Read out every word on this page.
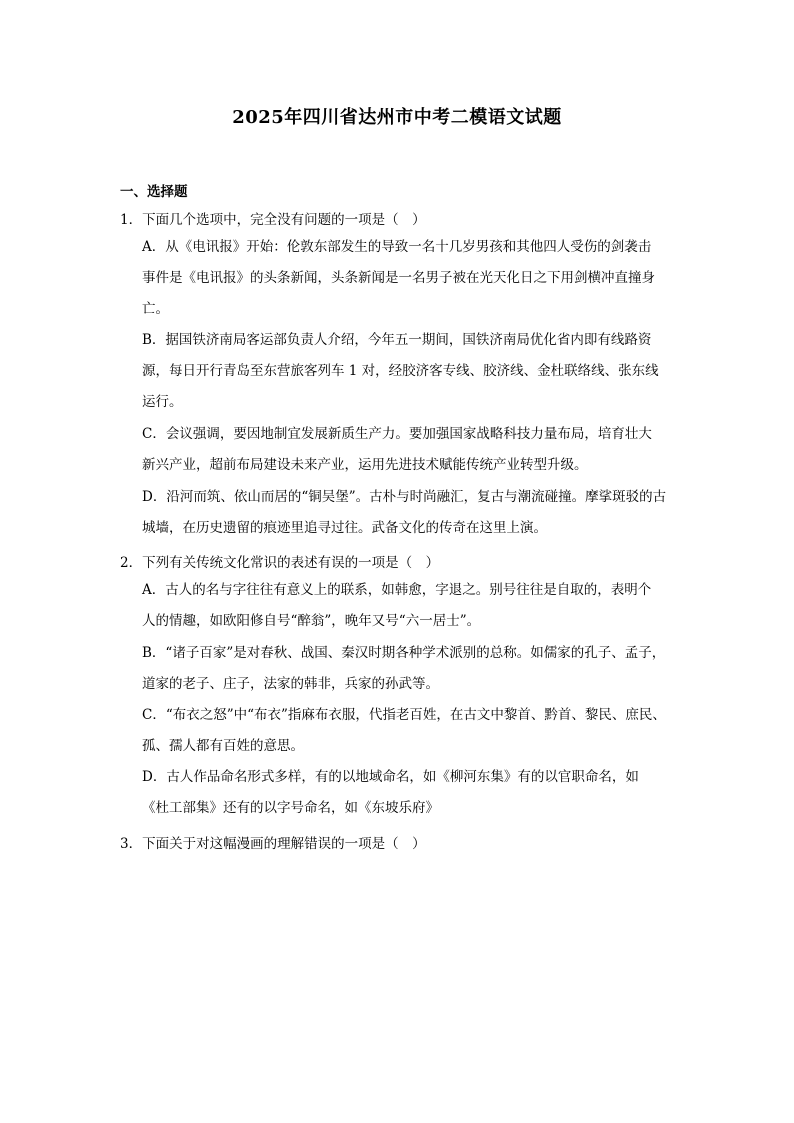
2025年四川省达州市中考二模语文试题
一、选择题
1．下面几个选项中，完全没有问题的一项是（　）
A．从《电讯报》开始：伦敦东部发生的导致一名十几岁男孩和其他四人受伤的剑袭击
事件是《电讯报》的头条新闻，头条新闻是一名男子被在光天化日之下用剑横冲直撞身
亡。
B．据国铁济南局客运部负责人介绍，今年五一期间，国铁济南局优化省内即有线路资
源，每日开行青岛至东营旅客列车 1 对，经胶济客专线、胶济线、金杜联络线、张东线
运行。
C．会议强调，要因地制宜发展新质生产力。要加强国家战略科技力量布局，培育壮大
新兴产业，超前布局建设未来产业，运用先进技术赋能传统产业转型升级。
D．沿河而筑、依山而居的“铜吴堡”。古朴与时尚融汇，复古与潮流碰撞。摩挲斑驳的古
城墙，在历史遗留的痕迹里追寻过往。武备文化的传奇在这里上演。
2．下列有关传统文化常识的表述有误的一项是（　）
A．古人的名与字往往有意义上的联系，如韩愈，字退之。别号往往是自取的，表明个
人的情趣，如欧阳修自号“醉翁”，晚年又号“六一居士”。
B．“诸子百家”是对春秋、战国、秦汉时期各种学术派别的总称。如儒家的孔子、孟子，
道家的老子、庄子，法家的韩非，兵家的孙武等。
C．“布衣之怒”中“布衣”指麻布衣服，代指老百姓，在古文中黎首、黔首、黎民、庶民、
孤、孺人都有百姓的意思。
D．古人作品命名形式多样，有的以地域命名，如《柳河东集》有的以官职命名，如
《杜工部集》还有的以字号命名，如《东坡乐府》
3．下面关于对这幅漫画的理解错误的一项是（　）
